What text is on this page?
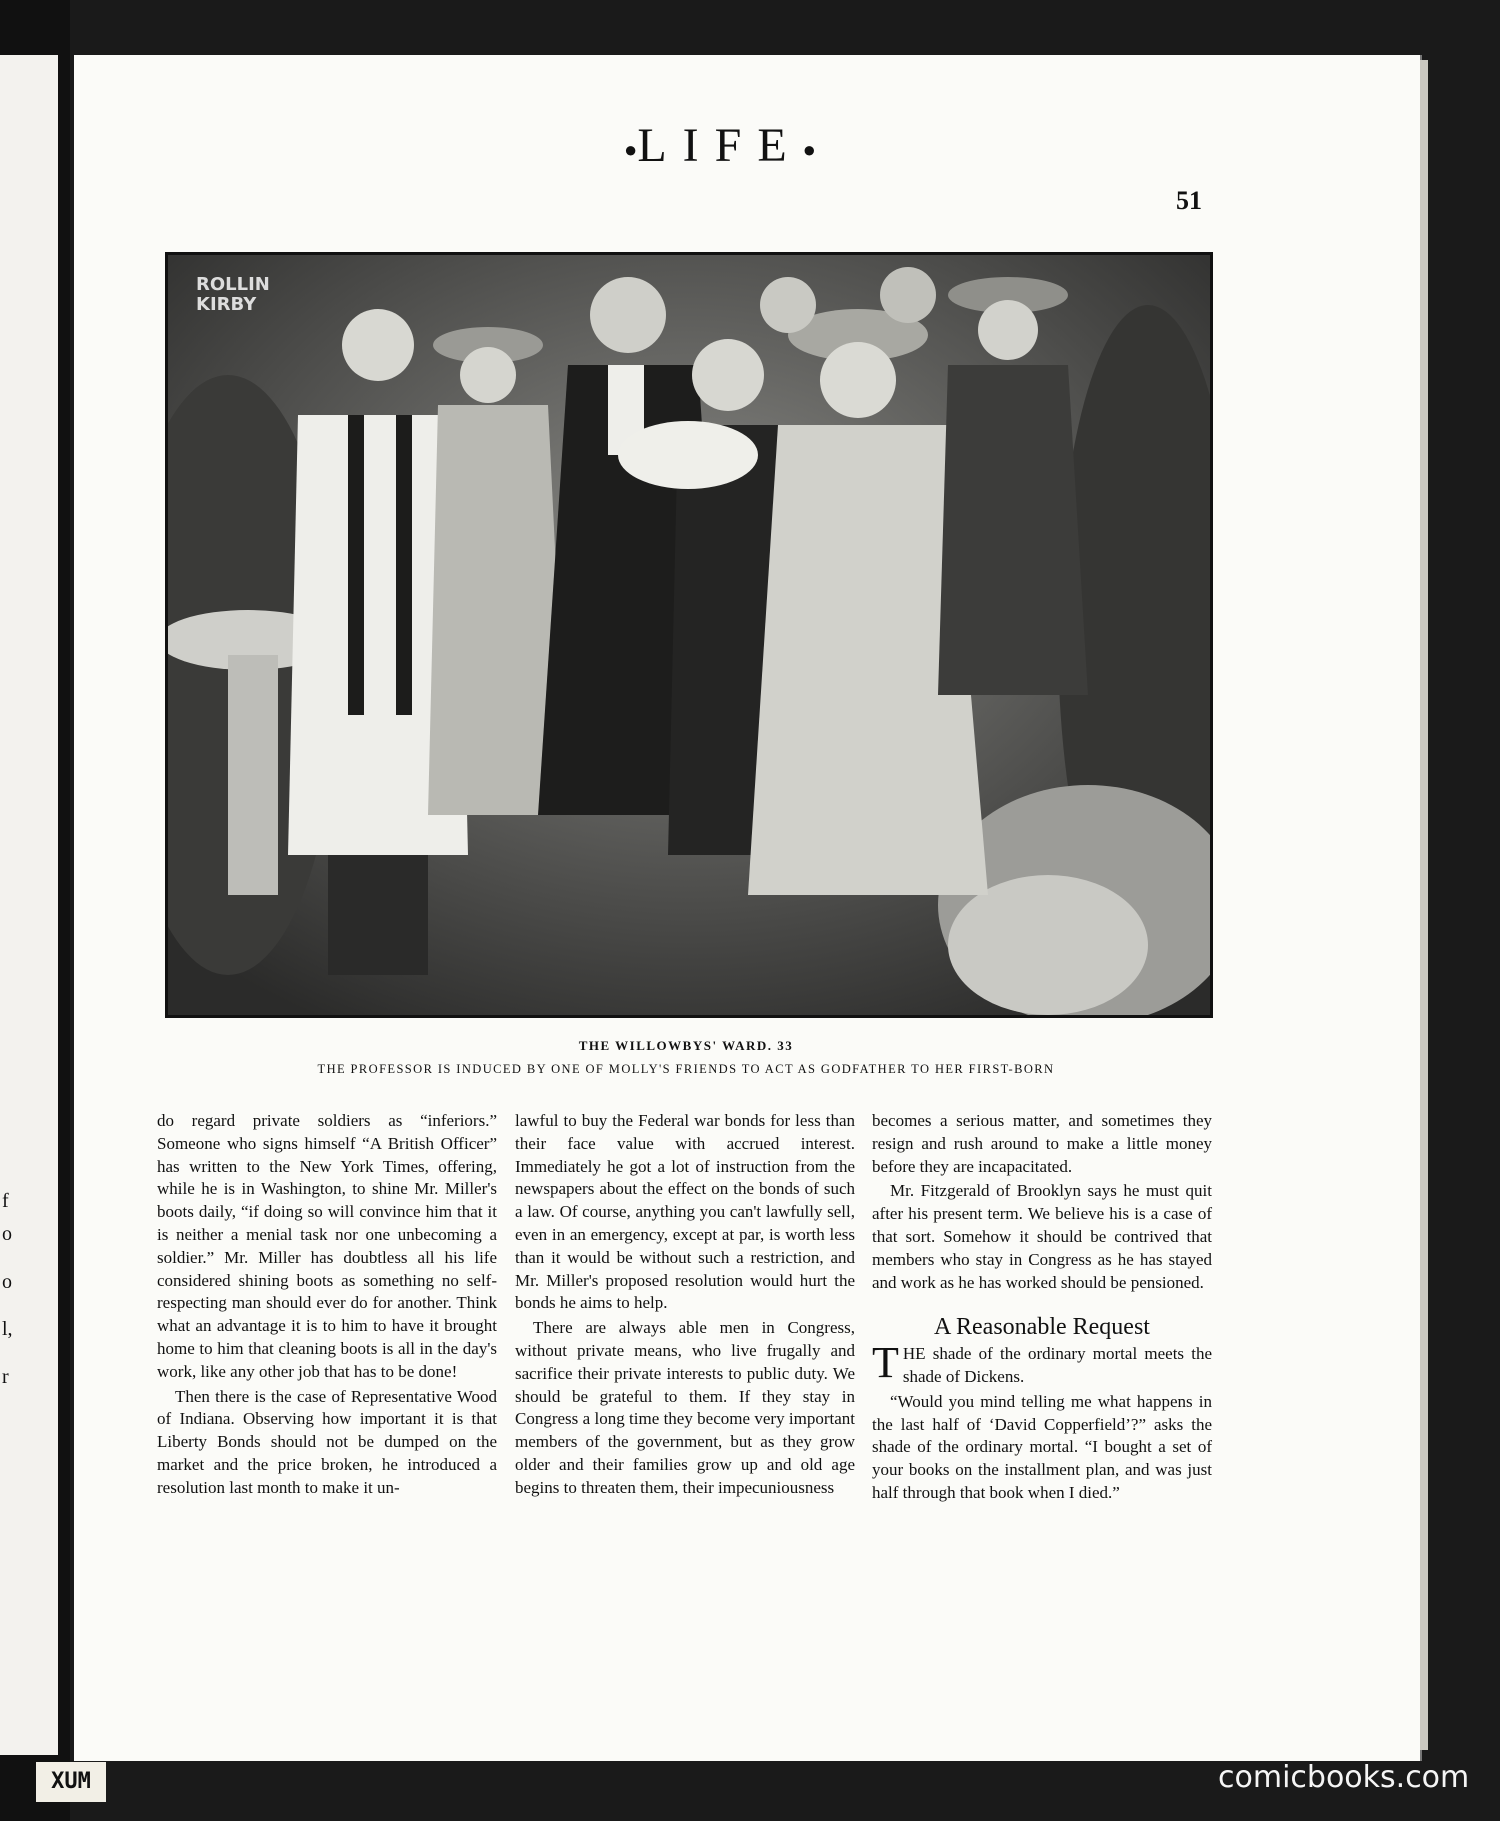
f
o
o
l,
r
●LIFE●
51
ROLLIN
KIRBY
THE WILLOWBYS' WARD. 33
THE PROFESSOR IS INDUCED BY ONE OF MOLLY'S FRIENDS TO ACT AS GODFATHER TO HER FIRST-BORN

do regard private soldiers as “inferiors.” Someone who signs himself “A British Officer” has written to the New York Times, offering, while he is in Washington, to shine Mr. Miller's boots daily, “if doing so will convince him that it is neither a menial task nor one unbecoming a soldier.” Mr. Miller has doubtless all his life considered shining boots as something no self-respecting man should ever do for another. Think what an advantage it is to him to have it brought home to him that cleaning boots is all in the day's work, like any other job that has to be done!

Then there is the case of Representative Wood of Indiana. Observing how important it is that Liberty Bonds should not be dumped on the market and the price broken, he introduced a resolution last month to make it un-

lawful to buy the Federal war bonds for less than their face value with accrued interest. Immediately he got a lot of instruction from the newspapers about the effect on the bonds of such a law. Of course, anything you can't lawfully sell, even in an emergency, except at par, is worth less than it would be without such a restriction, and Mr. Miller's proposed resolution would hurt the bonds he aims to help.

There are always able men in Congress, without private means, who live frugally and sacrifice their private interests to public duty. We should be grateful to them. If they stay in Congress a long time they become very important members of the government, but as they grow older and their families grow up and old age begins to threaten them, their impecuniousness

becomes a serious matter, and sometimes they resign and rush around to make a little money before they are incapacitated.

Mr. Fitzgerald of Brooklyn says he must quit after his present term. We believe his is a case of that sort. Somehow it should be contrived that members who stay in Congress as he has stayed and work as he has worked should be pensioned.

A Reasonable Request

THE shade of the ordinary mortal meets the shade of Dickens.

“Would you mind telling me what happens in the last half of ‘David Copperfield’?” asks the shade of the ordinary mortal. “I bought a set of your books on the installment plan, and was just half through that book when I died.”

XUM	comicbooks.com
